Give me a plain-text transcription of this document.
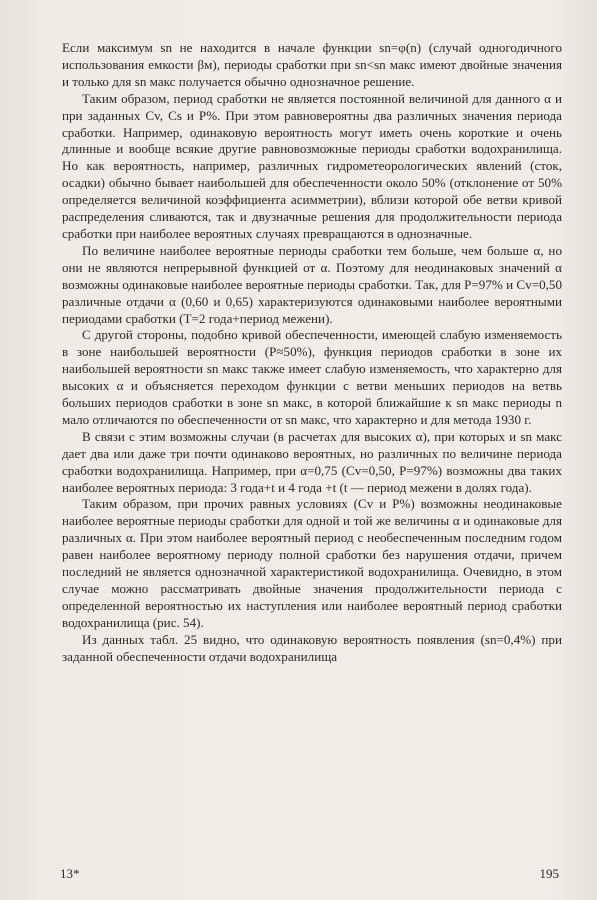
Если максимум sn не находится в начале функции sn=φ(n) (случай одногодичного использования емкости βм), периоды сработки при sn<sn макс имеют двойные значения и только для sn макс получается обычно однозначное решение.

Таким образом, период сработки не является постоянной величиной для данного α и при заданных Cv, Cs и P%. При этом равновероятны два различных значения периода сработки. Например, одинаковую вероятность могут иметь очень короткие и очень длинные и вообще всякие другие равновозможные периоды сработки водохранилища. Но как вероятность, например, различных гидрометеорологических явлений (сток, осадки) обычно бывает наибольшей для обеспеченности около 50% (отклонение от 50% определяется величиной коэффициента асимметрии), вблизи которой обе ветви кривой распределения сливаются, так и двузначные решения для продолжительности периода сработки при наиболее вероятных случаях превращаются в однозначные.

По величине наиболее вероятные периоды сработки тем больше, чем больше α, но они не являются непрерывной функцией от α. Поэтому для неодинаковых значений α возможны одинаковые наиболее вероятные периоды сработки. Так, для P=97% и Cv=0,50 различные отдачи α (0,60 и 0,65) характеризуются одинаковыми наиболее вероятными периодами сработки (T=2 года+период межени).

С другой стороны, подобно кривой обеспеченности, имеющей слабую изменяемость в зоне наибольшей вероятности (P≈50%), функция периодов сработки в зоне их наибольшей вероятности sn макс также имеет слабую изменяемость, что характерно для высоких α и объясняется переходом функции с ветви меньших периодов на ветвь больших периодов сработки в зоне sn макс, в которой ближайшие к sn макс периоды n мало отличаются по обеспеченности от sn макс, что характерно и для метода 1930 г.

В связи с этим возможны случаи (в расчетах для высоких α), при которых и sn макс дает два или даже три почти одинаково вероятных, но различных по величине периода сработки водохранилища. Например, при α=0,75 (Cv=0,50, P=97%) возможны два таких наиболее вероятных периода: 3 года+t и 4 года +t (t — период межени в долях года).

Таким образом, при прочих равных условиях (Cv и P%) возможны неодинаковые наиболее вероятные периоды сработки для одной и той же величины α и одинаковые для различных α. При этом наиболее вероятный период с необеспеченным последним годом равен наиболее вероятному периоду полной сработки без нарушения отдачи, причем последний не является однозначной характеристикой водохранилища. Очевидно, в этом случае можно рассматривать двойные значения продолжительности периода с определенной вероятностью их наступления или наиболее вероятный период сработки водохранилища (рис. 54).

Из данных табл. 25 видно, что одинаковую вероятность появления (sn=0,4%) при заданной обеспеченности отдачи водохранилища

13*	195
